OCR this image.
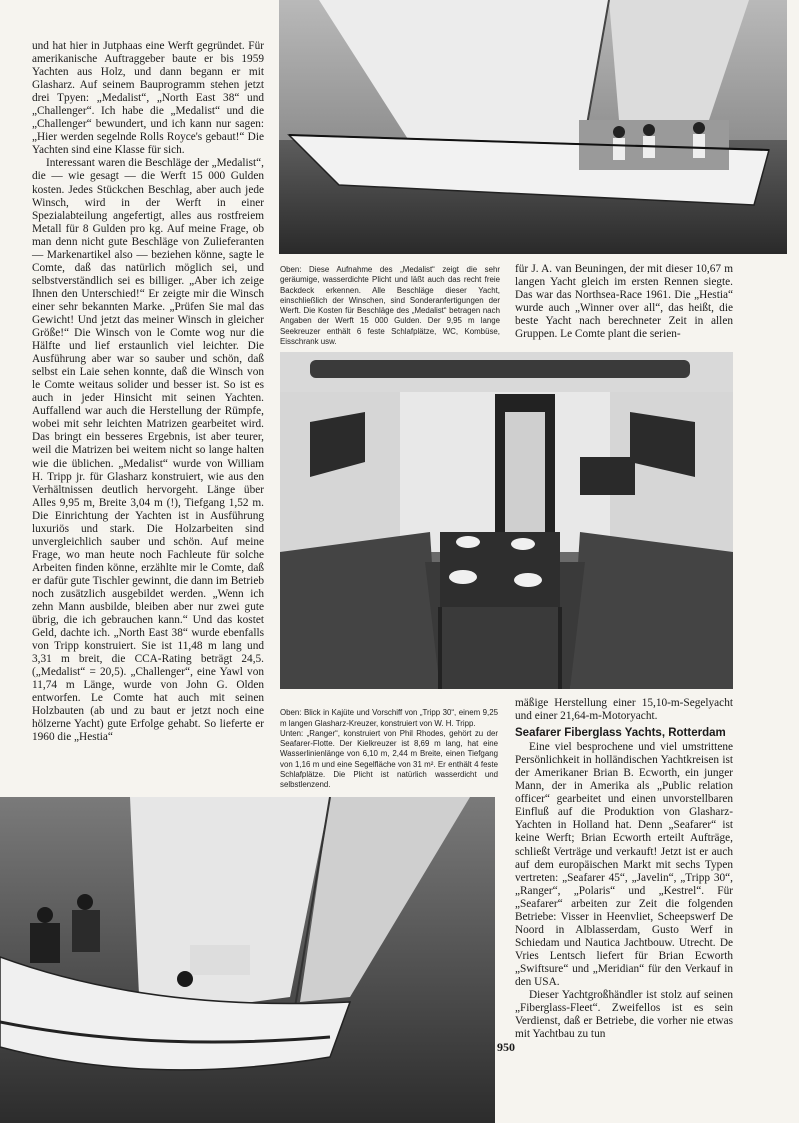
und hat hier in Jutphaas eine Werft gegründet. Für amerikanische Auftraggeber baute er bis 1959 Yachten aus Holz, und dann begann er mit Glasharz. Auf seinem Bauprogramm stehen jetzt drei Tpyen: „Medalist“, „North East 38“ und „Challenger“. Ich habe die „Medalist“ und die „Challenger“ bewundert, und ich kann nur sagen: „Hier werden segelnde Rolls Royce's gebaut!“ Die Yachten sind eine Klasse für sich.

Interessant waren die Beschläge der „Medalist“, die — wie gesagt — die Werft 15 000 Gulden kosten. Jedes Stückchen Beschlag, aber auch jede Winsch, wird in der Werft in einer Spezialabteilung angefertigt, alles aus rostfreiem Metall für 8 Gulden pro kg. Auf meine Frage, ob man denn nicht gute Beschläge von Zulieferanten — Markenartikel also — beziehen könne, sagte le Comte, daß das natürlich möglich sei, und selbstverständlich sei es billiger. „Aber ich zeige Ihnen den Unterschied!“ Er zeigte mir die Winsch einer sehr bekannten Marke. „Prüfen Sie mal das Gewicht! Und jetzt das meiner Winsch in gleicher Größe!“ Die Winsch von le Comte wog nur die Hälfte und lief erstaunlich viel leichter. Die Ausführung aber war so sauber und schön, daß selbst ein Laie sehen konnte, daß die Winsch von le Comte weitaus solider und besser ist. So ist es auch in jeder Hinsicht mit seinen Yachten. Auffallend war auch die Herstellung der Rümpfe, wobei mit sehr leichten Matrizen gearbeitet wird. Das bringt ein besseres Ergebnis, ist aber teurer, weil die Matrizen bei weitem nicht so lange halten wie die üblichen. „Medalist“ wurde von William H. Tripp jr. für Glasharz konstruiert, wie aus den Verhältnissen deutlich hervorgeht. Länge über Alles 9,95 m, Breite 3,04 m (!), Tiefgang 1,52 m. Die Einrichtung der Yachten ist in Ausführung luxuriös und stark. Die Holzarbeiten sind unvergleichlich sauber und schön. Auf meine Frage, wo man heute noch Fachleute für solche Arbeiten finden könne, erzählte mir le Comte, daß er dafür gute Tischler gewinnt, die dann im Betrieb noch zusätzlich ausgebildet werden. „Wenn ich zehn Mann ausbilde, bleiben aber nur zwei gute übrig, die ich gebrauchen kann.“ Und das kostet Geld, dachte ich. „North East 38“ wurde ebenfalls von Tripp konstruiert. Sie ist 11,48 m lang und 3,31 m breit, die CCA-Rating beträgt 24,5. („Medalist“ = 20,5). „Challenger“, eine Yawl von 11,74 m Länge, wurde von John G. Olden entworfen. Le Comte hat auch mit seinen Holzbauten (ab und zu baut er jetzt noch eine hölzerne Yacht) gute Erfolge gehabt. So lieferte er 1960 die „Hestia“

Oben: Diese Aufnahme des „Medalist“ zeigt die sehr geräumige, wasserdichte Plicht und läßt auch das recht freie Backdeck erkennen. Alle Beschläge dieser Yacht, einschließlich der Winschen, sind Sonderanfertigungen der Werft. Die Kosten für Beschläge des „Medalist“ betragen nach Angaben der Werft 15 000 Gulden. Der 9,95 m lange Seekreuzer enthält 6 feste Schlafplätze, WC, Kombüse, Eisschrank usw.

für J. A. van Beuningen, der mit dieser 10,67 m langen Yacht gleich im ersten Rennen siegte. Das war das Northsea-Race 1961. Die „Hestia“ wurde auch „Winner over all“, das heißt, die beste Yacht nach berechneter Zeit in allen Gruppen. Le Comte plant die serien-

Oben: Blick in Kajüte und Vorschiff von „Tripp 30“, einem 9,25 m langen Glasharz-Kreuzer, konstruiert von W. H. Tripp.
Unten: „Ranger“, konstruiert von Phil Rhodes, gehört zu der Seafarer-Flotte. Der Kielkreuzer ist 8,69 m lang, hat eine Wasserlinienlänge von 6,10 m, 2,44 m Breite, einen Tiefgang von 1,16 m und eine Segelfläche von 31 m². Er enthält 4 feste Schlafplätze. Die Plicht ist natürlich wasserdicht und selbstlenzend.

mäßige Herstellung einer 15,10-m-Segelyacht und einer 21,64-m-Motoryacht.

Seafarer Fiberglass Yachts, Rotterdam

Eine viel besprochene und viel umstrittene Persönlichkeit in holländischen Yachtkreisen ist der Amerikaner Brian B. Ecworth, ein junger Mann, der in Amerika als „Public relation officer“ gearbeitet und einen unvorstellbaren Einfluß auf die Produktion von Glasharz-Yachten in Holland hat. Denn „Seafarer“ ist keine Werft; Brian Ecworth erteilt Aufträge, schließt Verträge und verkauft! Jetzt ist er auch auf dem europäischen Markt mit sechs Typen vertreten: „Seafarer 45“, „Javelin“, „Tripp 30“, „Ranger“, „Polaris“ und „Kestrel“. Für „Seafarer“ arbeiten zur Zeit die folgenden Betriebe: Visser in Heenvliet, Scheepswerf De Noord in Alblasserdam, Gusto Werf in Schiedam und Nautica Jachtbouw. Utrecht. De Vries Lentsch liefert für Brian Ecworth „Swiftsure“ und „Meridian“ für den Verkauf in den USA.

Dieser Yachtgroßhändler ist stolz auf seinen „Fiberglass-Fleet“. Zweifellos ist es sein Verdienst, daß er Betriebe, die vorher nie etwas mit Yachtbau zu tun

950
